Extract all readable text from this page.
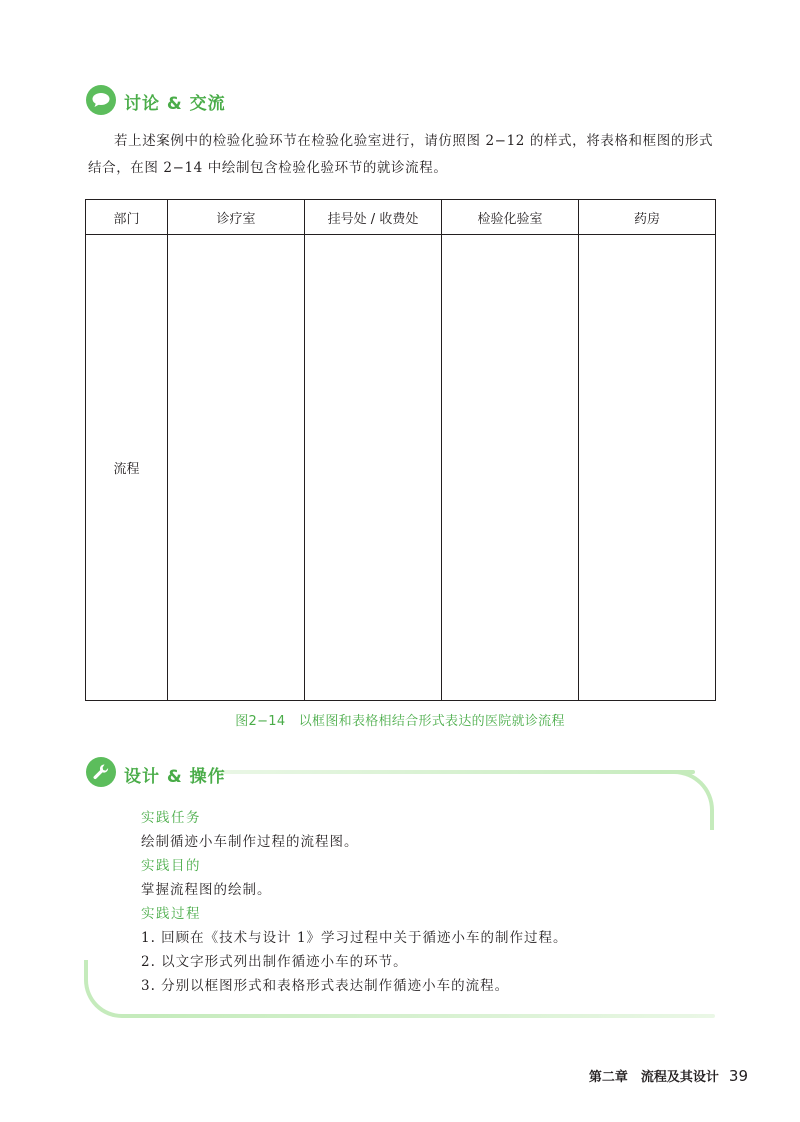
讨论 & 交流
若上述案例中的检验化验环节在检验化验室进行，请仿照图 2−12 的样式，将表格和框图的形式
结合，在图 2−14 中绘制包含检验化验环节的就诊流程。
部门	诊疗室	挂号处 / 收费处	检验化验室	药房
流程				
图2−14　以框图和表格相结合形式表达的医院就诊流程
设计 & 操作
实践任务
绘制循迹小车制作过程的流程图。
实践目的
掌握流程图的绘制。
实践过程
1. 回顾在《技术与设计 1》学习过程中关于循迹小车的制作过程。
2. 以文字形式列出制作循迹小车的环节。
3. 分别以框图形式和表格形式表达制作循迹小车的流程。
第二章　流程及其设计 39
